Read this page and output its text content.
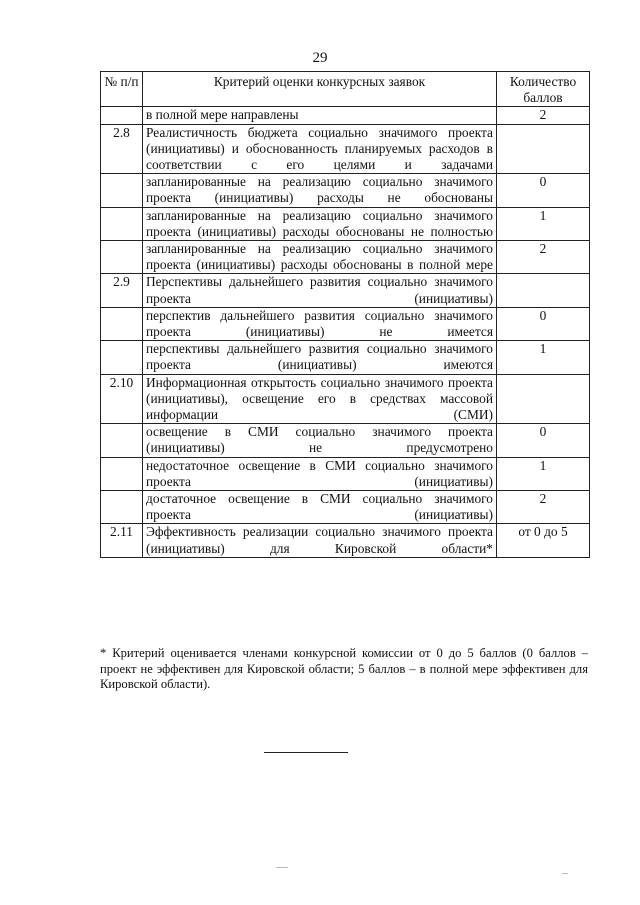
29
№ п/п	Критерий оценки конкурсных заявок	Количество баллов
	в полной мере направлены	2
2.8	Реалистичность бюджета социально значимого проекта (инициативы) и обоснованность планируемых расходов в соответствии с его целями и задачами	
	запланированные на реализацию социально значимого проекта (инициативы) расходы не обоснованы	0
	запланированные на реализацию социально значимого проекта (инициативы) расходы обоснованы не полностью	1
	запланированные на реализацию социально значимого проекта (инициативы) расходы обоснованы в полной мере	2
2.9	Перспективы дальнейшего развития социально значимого проекта (инициативы)	
	перспектив дальнейшего развития социально значимого проекта (инициативы) не имеется	0
	перспективы дальнейшего развития социально значимого проекта (инициативы) имеются	1
2.10	Информационная открытость социально значимого проекта (инициативы), освещение его в средствах массовой информации (СМИ)	
	освещение в СМИ социально значимого проекта (инициативы) не предусмотрено	0
	недостаточное освещение в СМИ социально значимого проекта (инициативы)	1
	достаточное освещение в СМИ социально значимого проекта (инициативы)	2
2.11	Эффективность реализации социально значимого проекта (инициативы) для Кировской области*	от 0 до 5
* Критерий оценивается членами конкурсной комиссии от 0 до 5 баллов (0 баллов – проект не эффективен для Кировской области; 5 баллов – в полной мере эффективен для Кировской области).
